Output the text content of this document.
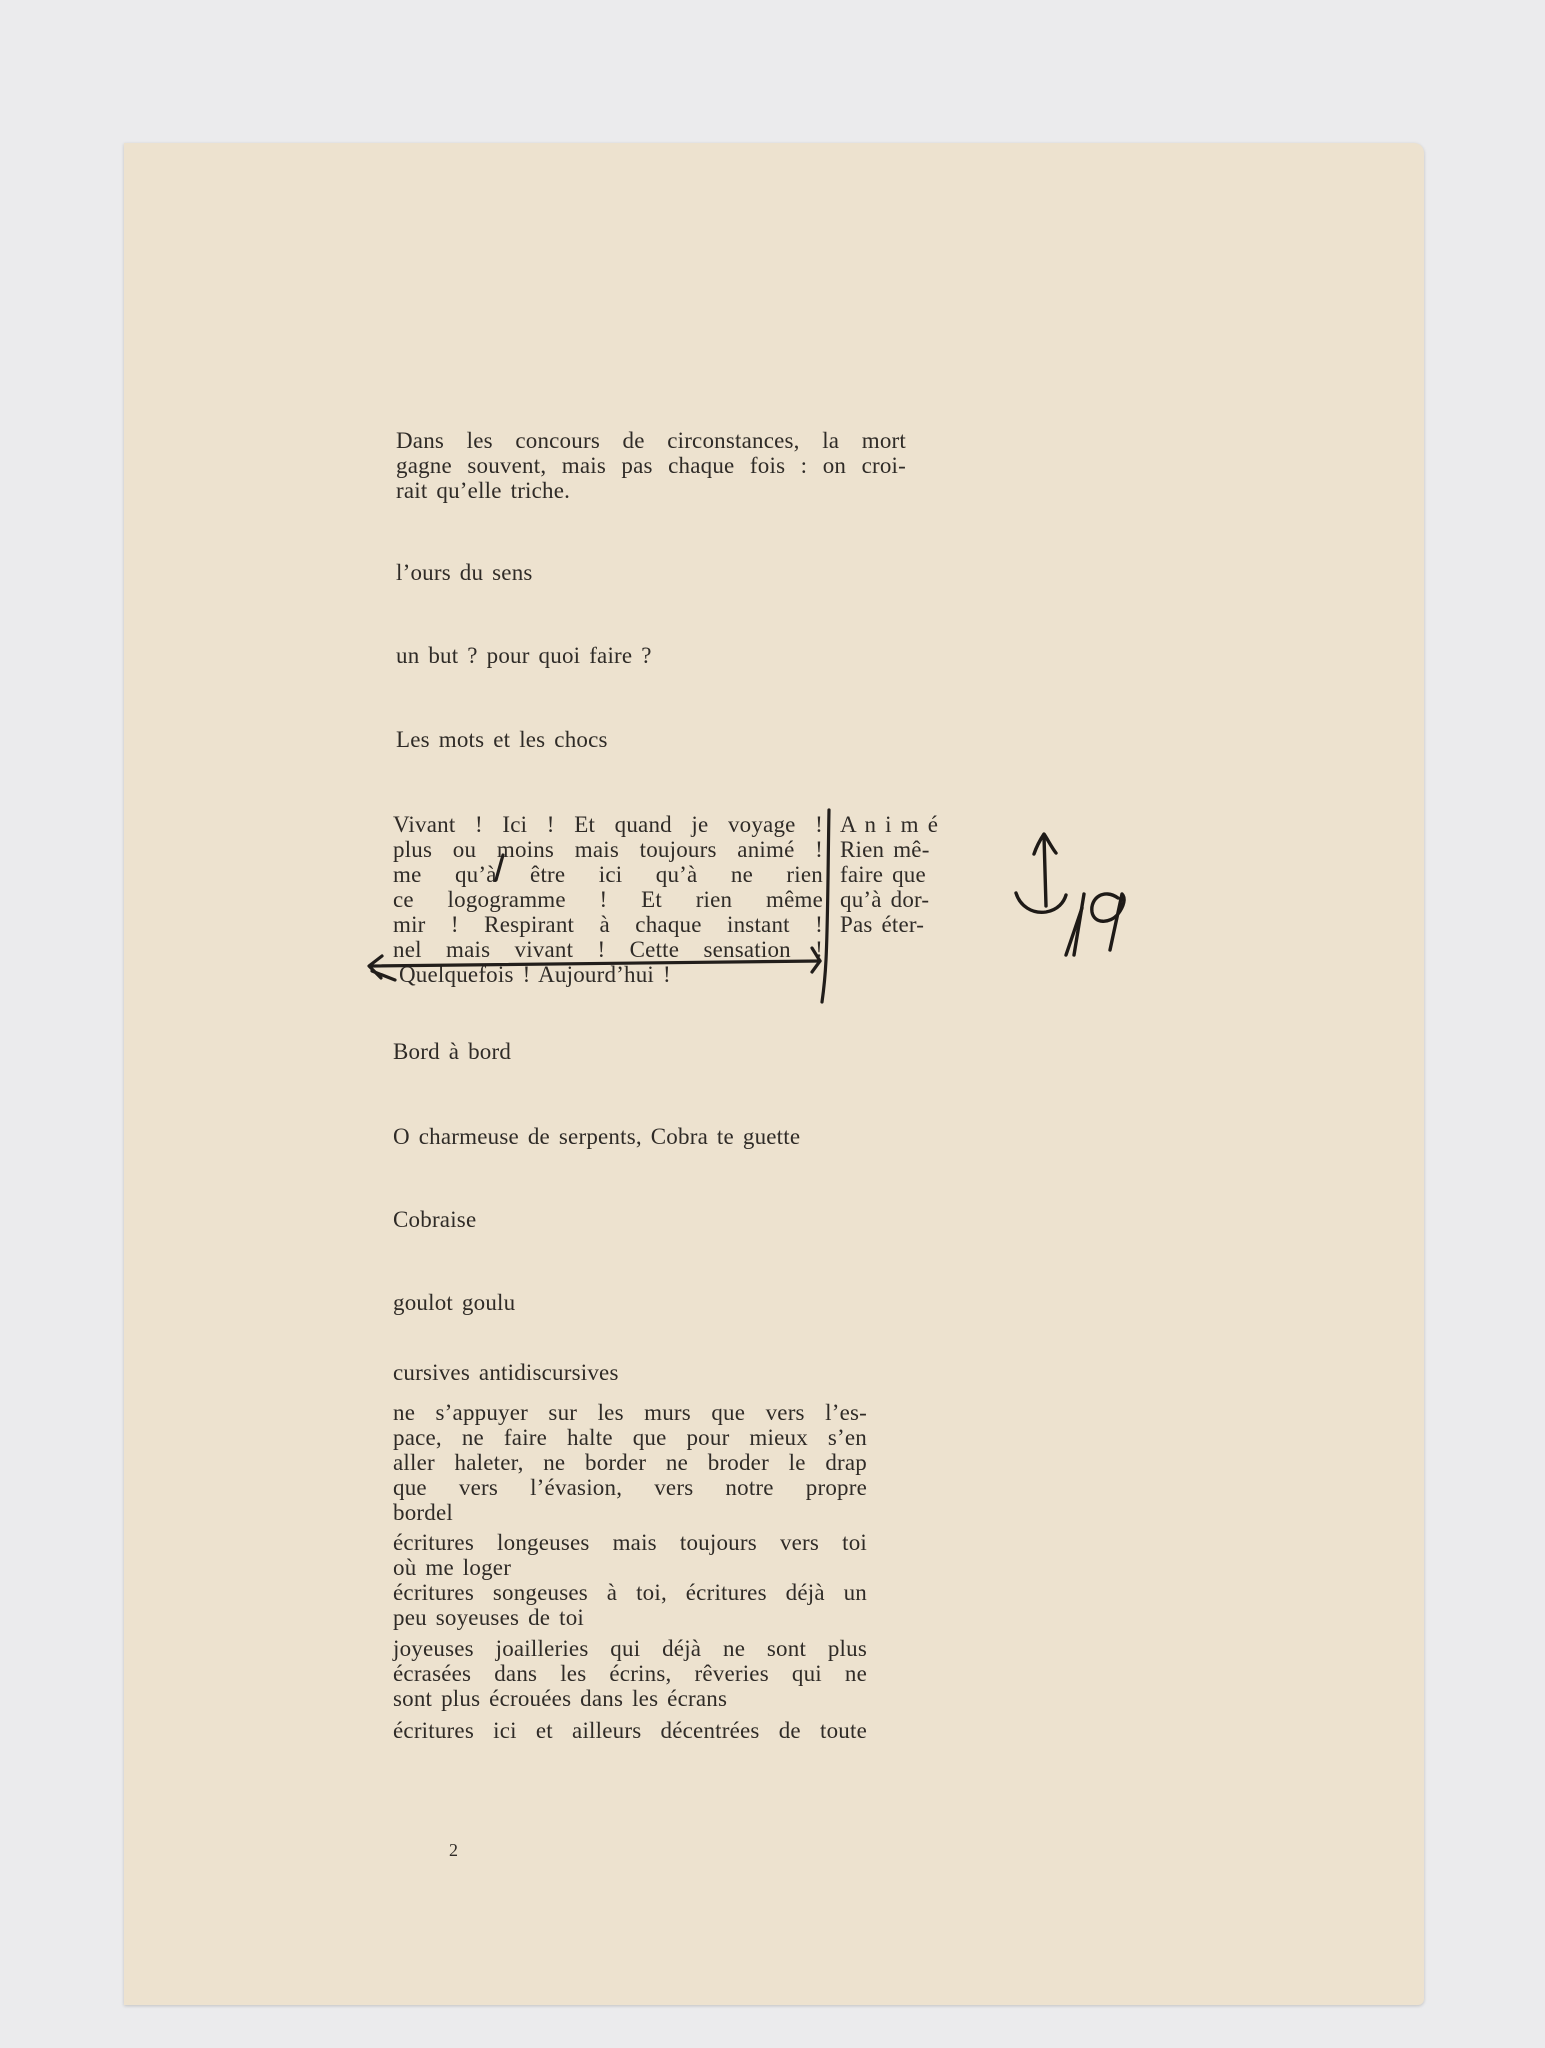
Dans les concours de circonstances, la mort
gagne souvent, mais pas chaque fois : on croi-
rait qu’elle triche.
l’ours du sens
un but ? pour quoi faire ?
Les mots et les chocs
Vivant ! Ici ! Et quand je voyage !
plus ou moins mais toujours animé !
me qu’à être ici qu’à ne rien
ce logogramme ! Et rien même
mir ! Respirant à chaque instant !
nel mais vivant ! Cette sensation !
Quelquefois ! Aujourd’hui !
A n i m é
Rien mê-
faire que
qu’à dor-
Pas éter-
Bord à bord
O charmeuse de serpents, Cobra te guette
Cobraise
goulot goulu
cursives antidiscursives
ne s’appuyer sur les murs que vers l’es-
pace, ne faire halte que pour mieux s’en
aller haleter, ne border ne broder le drap
que vers l’évasion, vers notre propre
bordel
écritures longeuses mais toujours vers toi
où me loger
écritures songeuses à toi, écritures déjà un
peu soyeuses de toi
joyeuses joailleries qui déjà ne sont plus
écrasées dans les écrins, rêveries qui ne
sont plus écrouées dans les écrans
écritures ici et ailleurs décentrées de toute
2
